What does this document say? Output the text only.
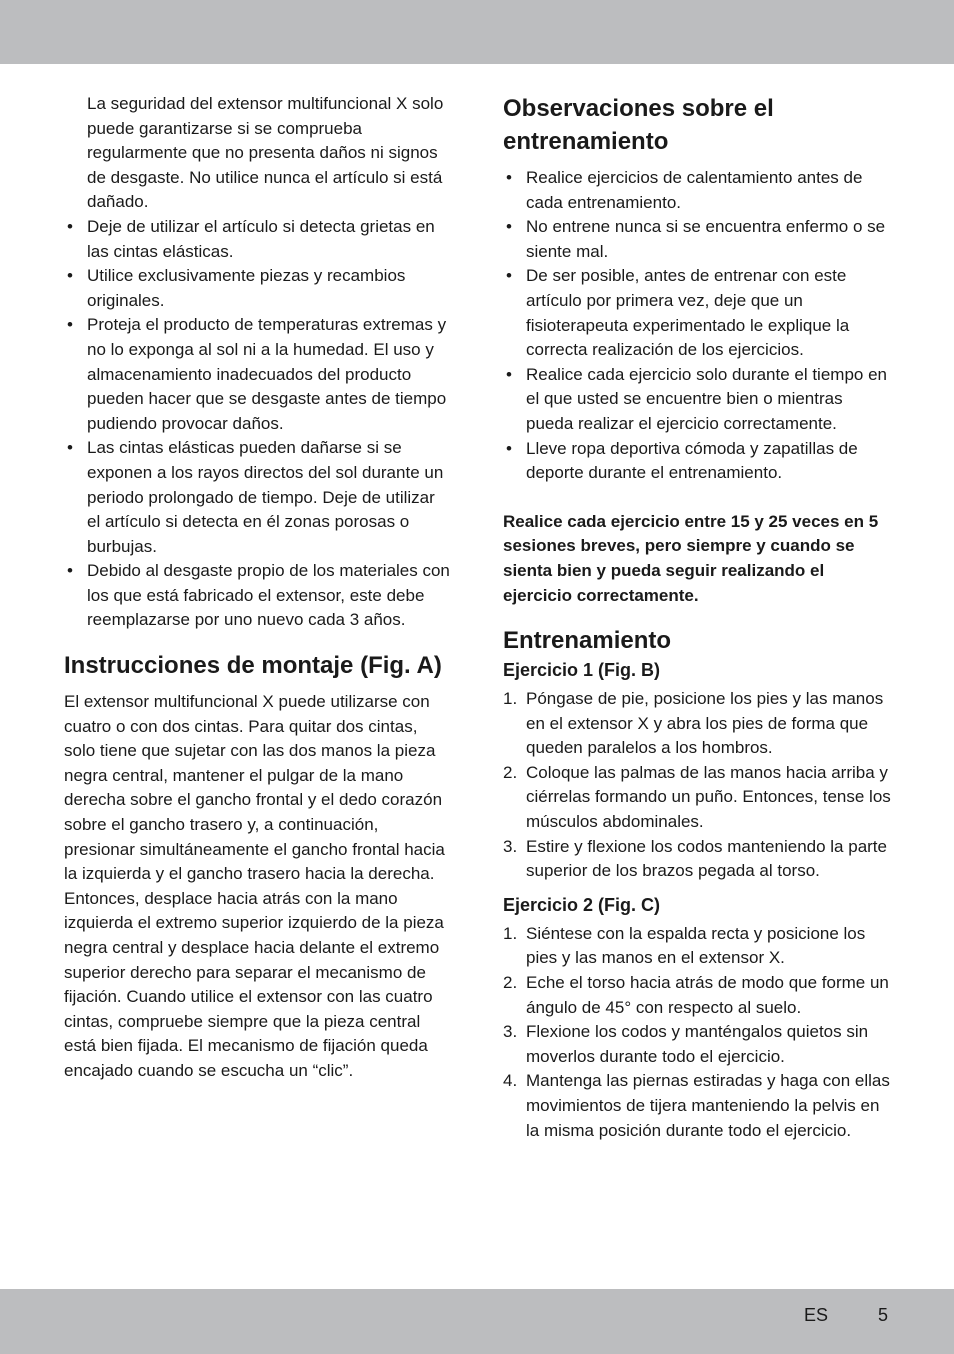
La seguridad del extensor multifuncional X solo puede garantizarse si se comprueba regularmente que no presenta daños ni signos de desgaste. No utilice nunca el artículo si está dañado.

• Deje de utilizar el artículo si detecta grietas en las cintas elásticas.
• Utilice exclusivamente piezas y recambios originales.
• Proteja el producto de temperaturas extremas y no lo exponga al sol ni a la humedad. El uso y almacenamiento inadecuados del producto pueden hacer que se desgaste antes de tiempo pudiendo provocar daños.
• Las cintas elásticas pueden dañarse si se exponen a los rayos directos del sol durante un periodo prolongado de tiempo. Deje de utilizar el artículo si detecta en él zonas porosas o burbujas.
• Debido al desgaste propio de los materiales con los que está fabricado el extensor, este debe reemplazarse por uno nuevo cada 3 años.
Instrucciones de montaje (Fig. A)

El extensor multifuncional X puede utilizarse con cuatro o con dos cintas. Para quitar dos cintas, solo tiene que sujetar con las dos manos la pieza negra central, mantener el pulgar de la mano derecha sobre el gancho frontal y el dedo corazón sobre el gancho trasero y, a continuación, presionar simultáneamente el gancho frontal hacia la izquierda y el gancho trasero hacia la derecha. Entonces, desplace hacia atrás con la mano izquierda el extremo superior izquierdo de la pieza negra central y desplace hacia delante el extremo superior derecho para separar el mecanismo de fijación. Cuando utilice el extensor con las cuatro cintas, compruebe siempre que la pieza central está bien fijada. El mecanismo de fijación queda encajado cuando se escucha un “clic”.

Observaciones sobre el entrenamiento
• Realice ejercicios de calentamiento antes de cada entrenamiento.
• No entrene nunca si se encuentra enfermo o se siente mal.
• De ser posible, antes de entrenar con este artículo por primera vez, deje que un fisioterapeuta experimentado le explique la correcta realización de los ejercicios.
• Realice cada ejercicio solo durante el tiempo en el que usted se encuentre bien o mientras pueda realizar el ejercicio correctamente.
• Lleve ropa deportiva cómoda y zapatillas de deporte durante el entrenamiento.

Realice cada ejercicio entre 15 y 25 veces en 5 sesiones breves, pero siempre y cuando se sienta bien y pueda seguir realizando el ejercicio correctamente.

Entrenamiento
Ejercicio 1 (Fig. B)
1. Póngase de pie, posicione los pies y las manos en el extensor X y abra los pies de forma que queden paralelos a los hombros.
2. Coloque las palmas de las manos hacia arriba y ciérrelas formando un puño. Entonces, tense los músculos abdominales.
3. Estire y flexione los codos manteniendo la parte superior de los brazos pegada al torso.
Ejercicio 2 (Fig. C)
1. Siéntese con la espalda recta y posicione los pies y las manos en el extensor X.
2. Eche el torso hacia atrás de modo que forme un ángulo de 45° con respecto al suelo.
3. Flexione los codos y manténgalos quietos sin moverlos durante todo el ejercicio.
4. Mantenga las piernas estiradas y haga con ellas movimientos de tijera manteniendo la pelvis en la misma posición durante todo el ejercicio.
ES	5
